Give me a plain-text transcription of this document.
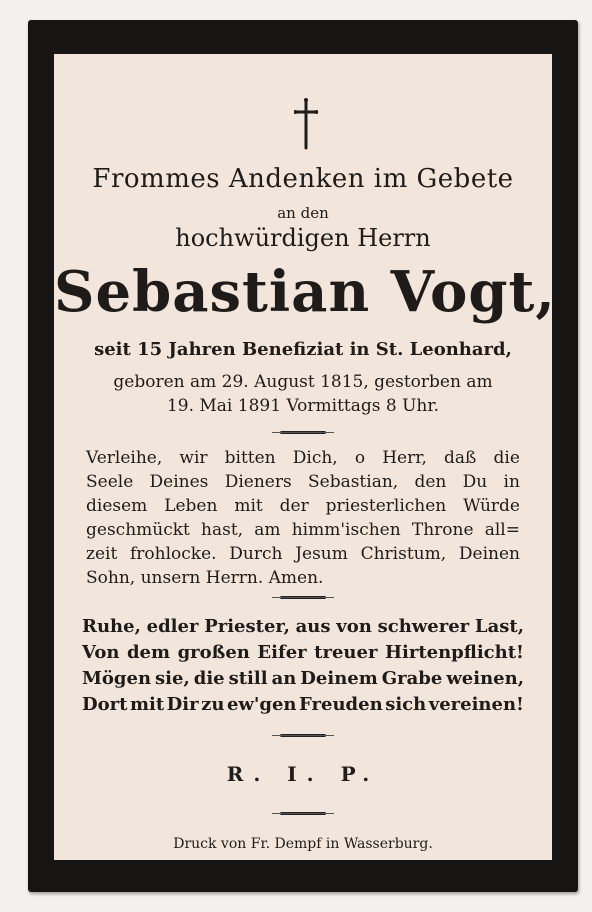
Frommes Andenken im Gebete
an den
hochwürdigen Herrn
Sebastian Vogt,
seit 15 Jahren Benefiziat in St. Leonhard,
geboren am 29. August 1815, gestorben am
19. Mai 1891 Vormittags 8 Uhr.
Verleihe, wir bitten Dich, o Herr, daß die
Seele Deines Dieners Sebastian, den Du in
diesem Leben mit der priesterlichen Würde
geschmückt hast, am himm'ischen Throne all=
zeit frohlocke. Durch Jesum Christum, Deinen
Sohn, unsern Herrn. Amen.
Ruhe, edler Priester, aus von schwerer Last,
Von dem großen Eifer treuer Hirtenpflicht!
Mögen sie, die still an Deinem Grabe weinen,
Dort mit Dir zu ew'gen Freuden sich vereinen!
R. I. P.
Druck von Fr. Dempf in Wasserburg.
